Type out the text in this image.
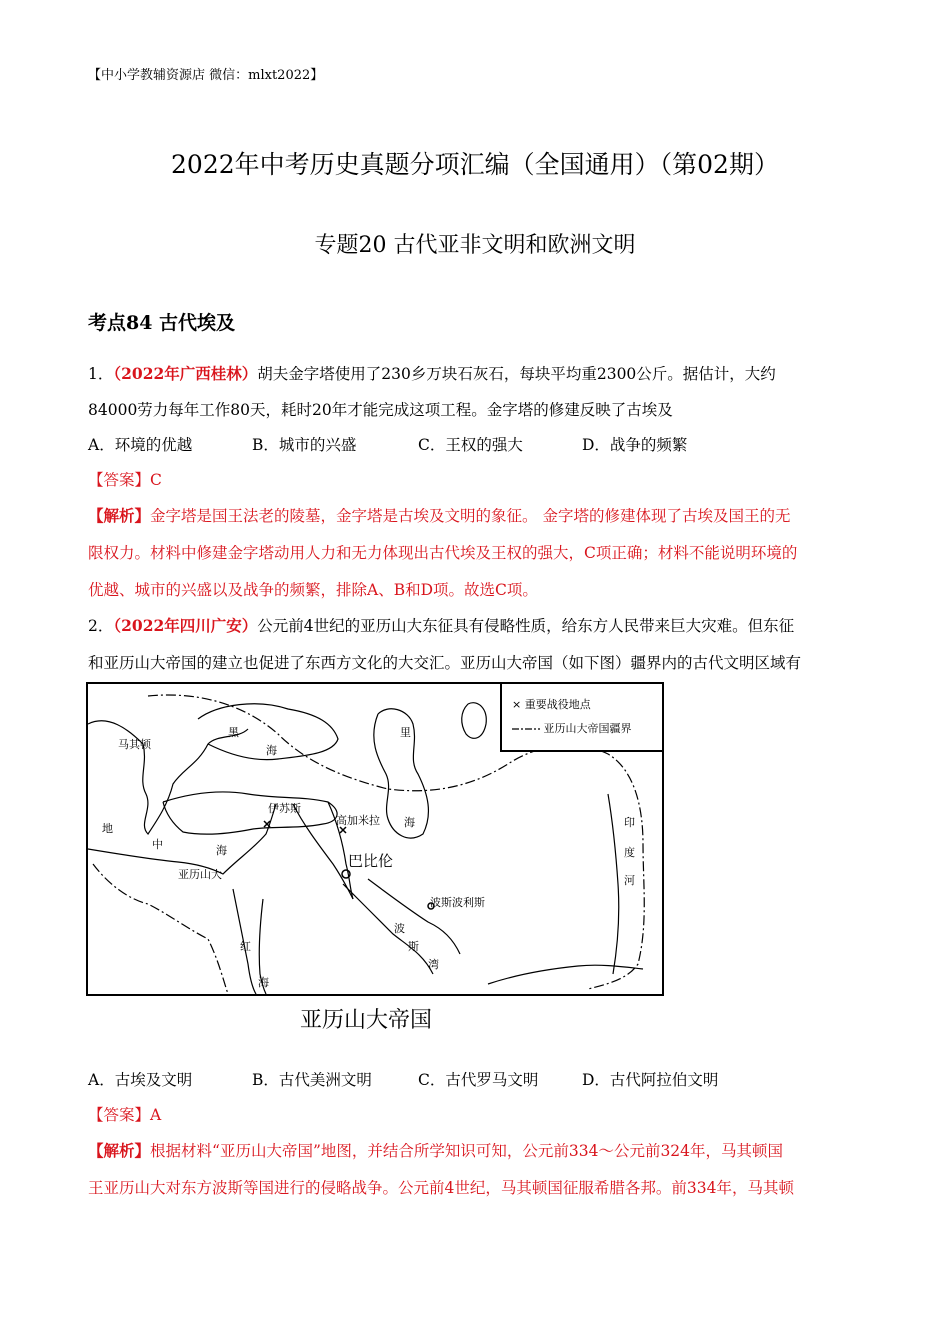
【中小学教辅资源店 微信：mlxt2022】
2022年中考历史真题分项汇编（全国通用）（第02期）
专题20 古代亚非文明和欧洲文明
考点84 古代埃及
1．（2022年广西桂林）胡夫金字塔使用了230乡万块石灰石，每块平均重2300公斤。据估计，大约
84000劳力每年工作80天，耗时20年才能完成这项工程。金字塔的修建反映了古埃及
A．环境的优越	B．城市的兴盛	C．王权的强大	D．战争的频繁
【答案】C
【解析】金字塔是国王法老的陵墓，金字塔是古埃及文明的象征。 金字塔的修建体现了古埃及国王的无
限权力。材料中修建金字塔动用人力和无力体现出古代埃及王权的强大，C项正确；材料不能说明环境的
优越、城市的兴盛以及战争的频繁，排除A、B和D项。故选C项。
2．（2022年四川广安）公元前4世纪的亚历山大东征具有侵略性质，给东方人民带来巨大灾难。但东征
和亚历山大帝国的建立也促进了东西方文化的大交汇。亚历山大帝国（如下图）疆界内的古代文明区域有
× 重要战役地点
亚历山大帝国疆界
马其顿
黑
海
里
海
伊苏斯
高加米拉
巴比伦
地
中	海
亚历山大
波斯波利斯
波
斯
湾
红
海
印
度
河
亚历山大帝国
A．古埃及文明	B．古代美洲文明	C．古代罗马文明	D．古代阿拉伯文明
【答案】A
【解析】根据材料“亚历山大帝国”地图，并结合所学知识可知，公元前334～公元前324年，马其顿国
王亚历山大对东方波斯等国进行的侵略战争。公元前4世纪，马其顿国征服希腊各邦。前334年，马其顿
